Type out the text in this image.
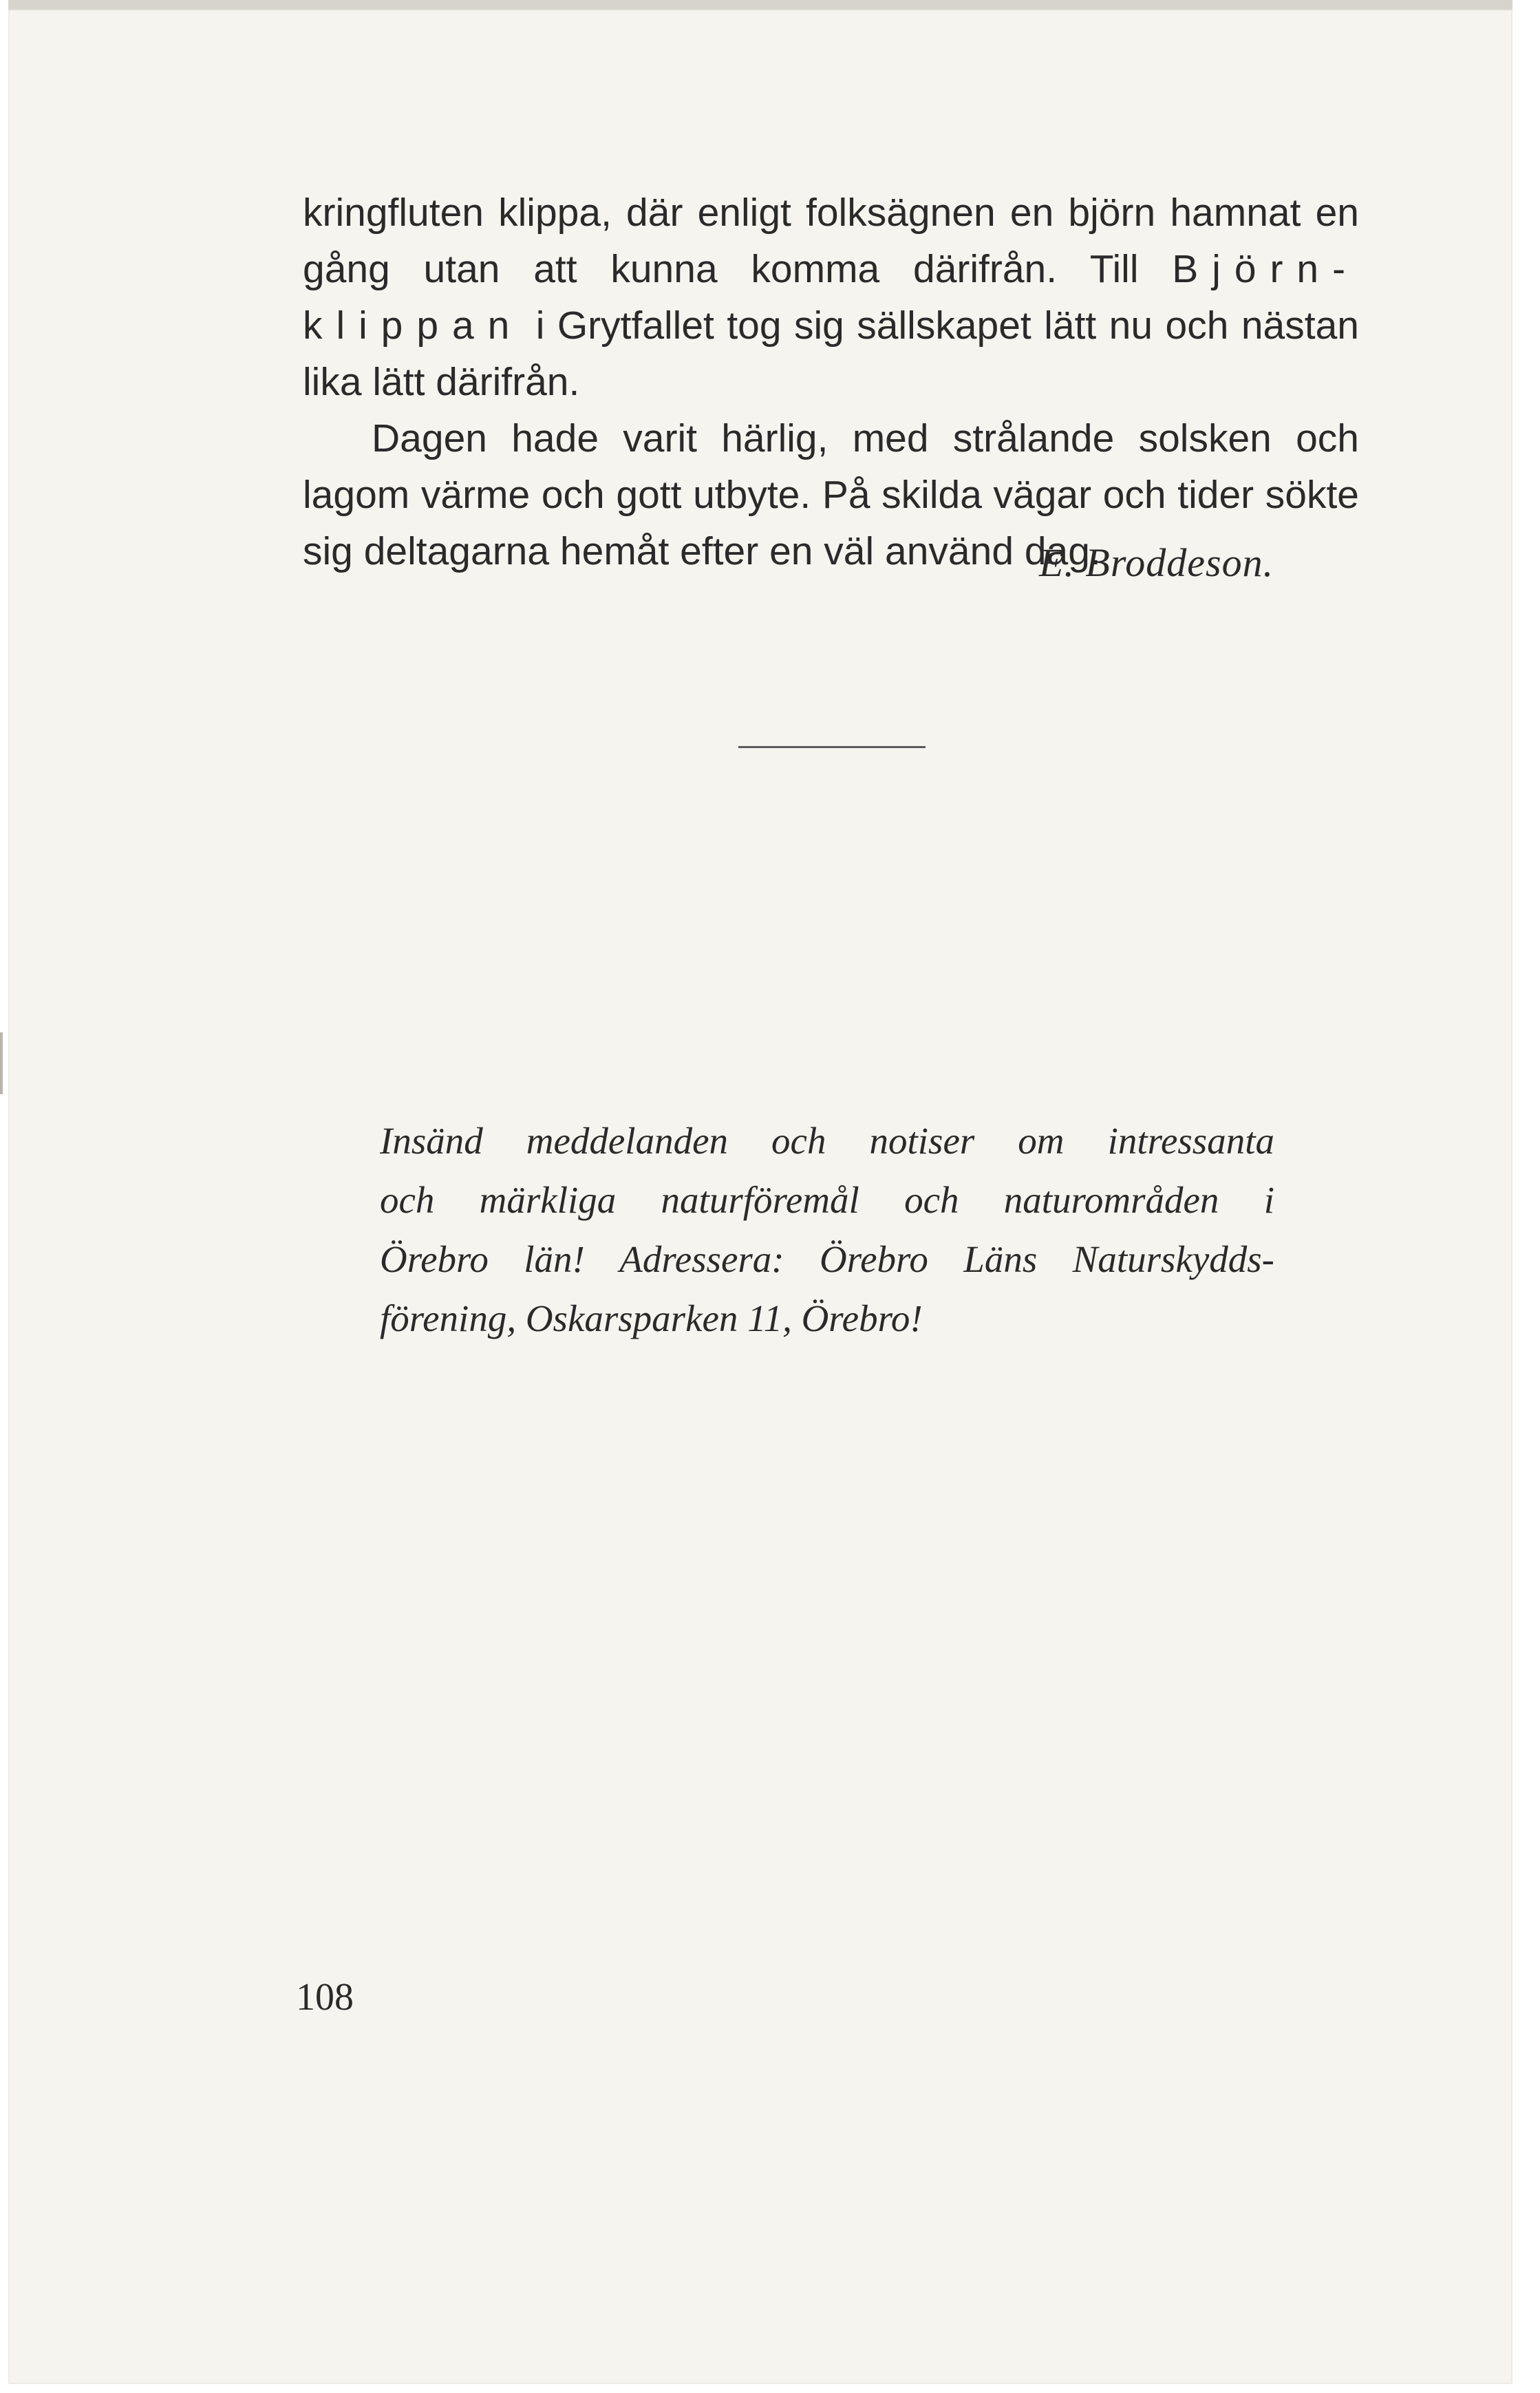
kringfluten klippa, där enligt folksägnen en björn hamnat en gång utan att kunna komma därifrån. Till Björn-klippan i Grytfallet tog sig sällskapet lätt nu och nästan lika lätt därifrån.

Dagen hade varit härlig, med strålande solsken och lagom värme och gott utbyte. På skilda vägar och tider sökte sig deltagarna hemåt efter en väl använd dag.

E. Broddeson.
Insänd meddelanden och notiser om intressanta
och märkliga naturföremål och naturområden i
Örebro län! Adressera: Örebro Läns Naturskydds-
förening, Oskarsparken 11, Örebro!
108
